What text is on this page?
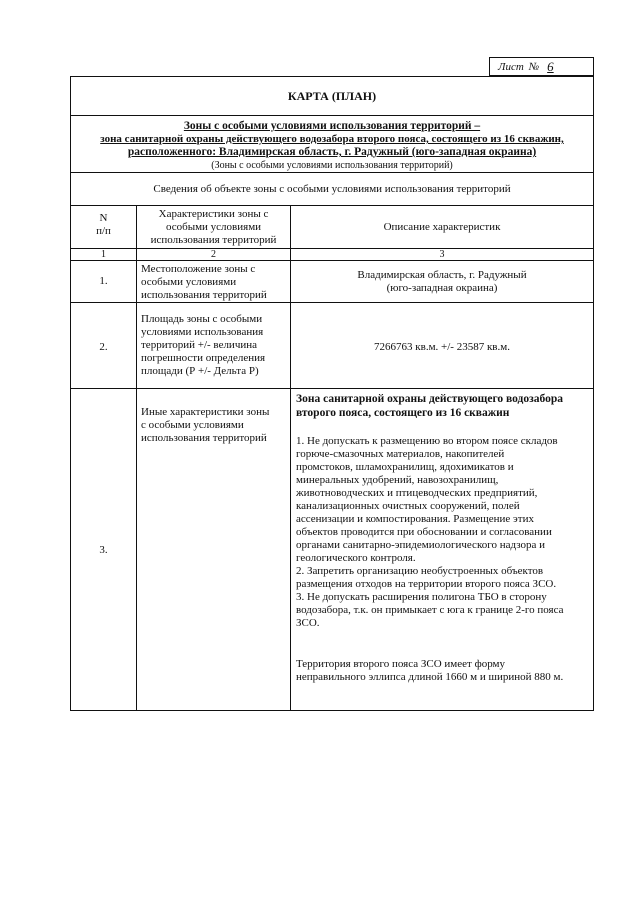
Лист № 6
КАРТА (ПЛАН)
Зоны с особыми условиями использования территорий –
зона санитарной охраны действующего водозабора второго пояса, состоящего из 16 скважин,
расположенного: Владимирская область, г. Радужный (юго-западная окраина)
(Зоны с особыми условиями использования территорий)
Сведения об объекте зоны с особыми условиями использования территорий
N
п/п
Характеристики зоны с
особыми условиями
использования территорий
Описание характеристик
1	2	3
1.
Местоположение зоны с
особыми условиями
использования территорий
Владимирская область, г. Радужный
(юго-западная окраина)
2.
Площадь зоны с особыми
условиями использования
территорий +/- величина
погрешности определения
площади (Р +/- Дельта Р)
7266763 кв.м. +/- 23587 кв.м.
3.
Иные характеристики зоны
с особыми условиями
использования территорий
Зона санитарной охраны действующего водозабора
второго пояса, состоящего из 16 скважин
1. Не допускать к размещению во втором поясе складов
горюче-смазочных материалов, накопителей
промстоков, шламохранилищ, ядохимикатов и
минеральных удобрений, навозохранилищ,
животноводческих и птицеводческих предприятий,
канализационных очистных сооружений, полей
ассенизации и компостирования. Размещение этих
объектов проводится при обосновании и согласовании
органами санитарно-эпидемиологического надзора и
геологического контроля.
2. Запретить организацию необустроенных объектов
размещения отходов на территории второго пояса ЗСО.
3. Не допускать расширения полигона ТБО в сторону
водозабора, т.к. он примыкает с юга к границе 2-го пояса
ЗСО.
Территория второго пояса ЗСО имеет форму
неправильного эллипса длиной 1660 м и шириной 880 м.
